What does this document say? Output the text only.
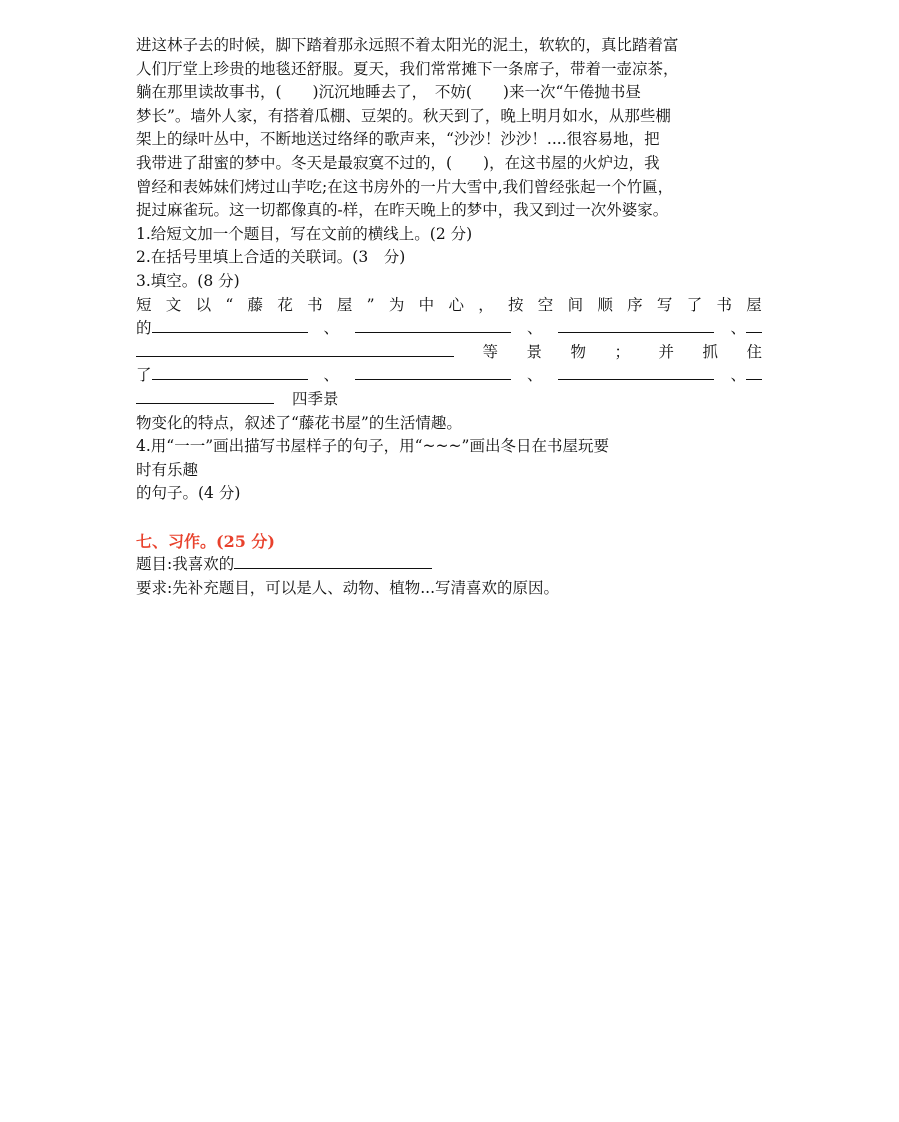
进这林子去的时候，脚下踏着那永远照不着太阳光的泥土，软软的，真比踏着富
人们厅堂上珍贵的地毯还舒服。夏天，我们常常摊下一条席子，带着一壶凉茶，
躺在那里读故事书，(　　)沉沉地睡去了，　不妨(　　)来一次“午倦抛书昼
梦长”。墙外人家，有搭着瓜棚、豆架的。秋天到了，晚上明月如水，从那些棚
架上的绿叶丛中，不断地送过络绎的歌声来，“沙沙！沙沙！....很容易地，把
我带进了甜蜜的梦中。冬天是最寂寞不过的，(　　)，在这书屋的火炉边，我
曾经和表姊妹们烤过山芋吃;在这书房外的一片大雪中,我们曾经张起一个竹匾，
捉过麻雀玩。这一切都像真的-样，在昨天晚上的梦中，我又到过一次外婆家。
1.给短文加一个题目，写在文前的横线上。(2 分)
2.在括号里填上合适的关联词。(3　分)
3.填空。(8 分)
短 文 以 “ 藤 花 书 屋 ” 为 中 心 ， 按 空 间 顺 序 写 了 书 屋
的	、	、	、
等 景 物 ； 并 抓 住
了	、	、	、
四季景
物变化的特点，叙述了“藤花书屋”的生活情趣。
4.用“一一”画出描写书屋样子的句子，用“~~~”画出冬日在书屋玩要
时有乐趣
的句子。(4 分)
七、习作。(25 分)
题目:我喜欢的
要求:先补充题目，可以是人、动物、植物...写清喜欢的原因。
